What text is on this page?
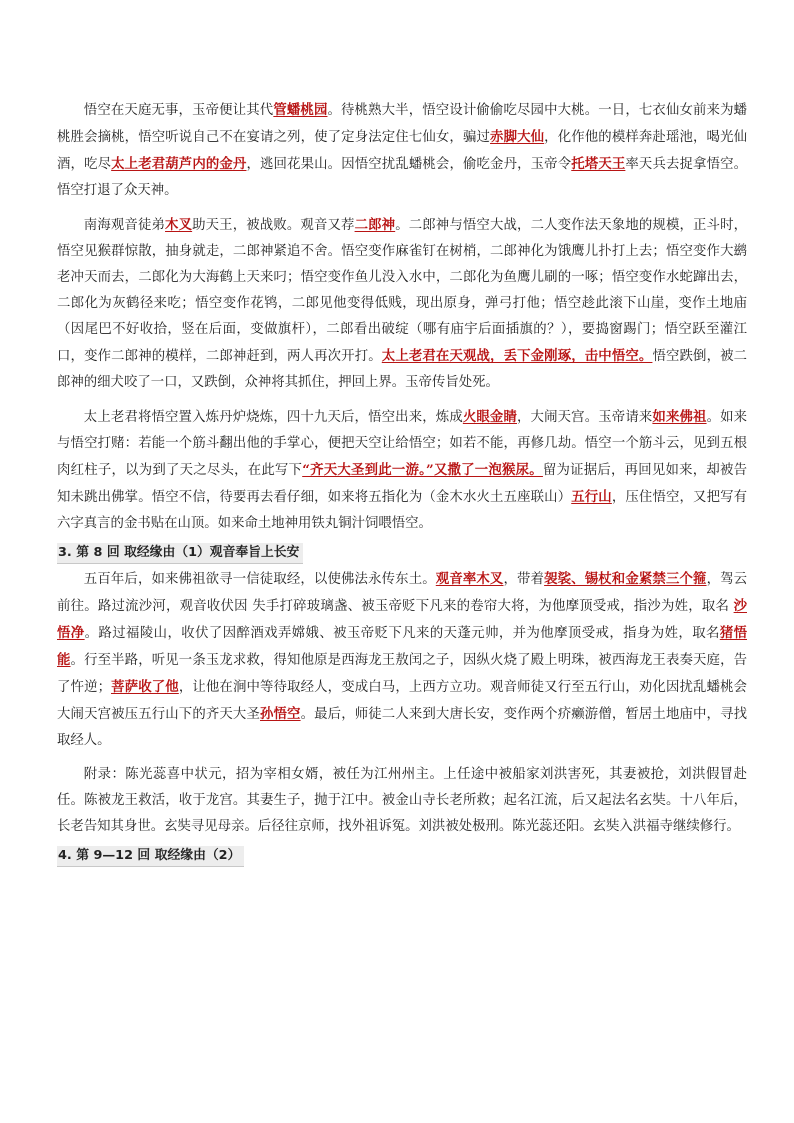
悟空在天庭无事，玉帝便让其代管蟠桃园。待桃熟大半，悟空设计偷偷吃尽园中大桃。一日，七衣仙女前来为蟠桃胜会摘桃，悟空听说自己不在宴请之列，使了定身法定住七仙女，骗过赤脚大仙，化作他的模样奔赴瑶池，喝光仙酒，吃尽太上老君葫芦内的金丹，逃回花果山。因悟空扰乱蟠桃会，偷吃金丹，玉帝令托塔天王率天兵去捉拿悟空。悟空打退了众天神。

南海观音徒弟木叉助天王，被战败。观音又荐二郎神。二郎神与悟空大战，二人变作法天象地的规模，正斗时，悟空见猴群惊散，抽身就走，二郎神紧追不舍。悟空变作麻雀钉在树梢，二郎神化为饿鹰儿扑打上去；悟空变作大鹚老冲天而去，二郎化为大海鹤上天来叼；悟空变作鱼儿没入水中，二郎化为鱼鹰儿刷的一啄；悟空变作水蛇蹿出去，二郎化为灰鹤径来吃；悟空变作花鸨，二郎见他变得低贱，现出原身，弹弓打他；悟空趁此滚下山崖，变作土地庙（因尾巴不好收拾，竖在后面，变做旗杆），二郎看出破绽（哪有庙宇后面插旗的？），要捣窗踢门；悟空跃至灌江口，变作二郎神的模样，二郎神赶到，两人再次开打。太上老君在天观战，丢下金刚琢，击中悟空。悟空跌倒，被二郎神的细犬咬了一口，又跌倒，众神将其抓住，押回上界。玉帝传旨处死。

太上老君将悟空置入炼丹炉烧炼，四十九天后，悟空出来，炼成火眼金睛，大闹天宫。玉帝请来如来佛祖。如来与悟空打赌：若能一个筋斗翻出他的手掌心，便把天空让给悟空；如若不能，再修几劫。悟空一个筋斗云，见到五根肉红柱子，以为到了天之尽头，在此写下“齐天大圣到此一游。”又撒了一泡猴尿。留为证据后，再回见如来，却被告知未跳出佛掌。悟空不信，待要再去看仔细，如来将五指化为（金木水火土五座联山）五行山，压住悟空，又把写有六字真言的金书贴在山顶。如来命土地神用铁丸铜汁饲喂悟空。

3. 第 8 回 取经缘由（1）观音奉旨上长安

五百年后，如来佛祖欲寻一信徒取经，以使佛法永传东土。观音率木叉，带着袈裟、锡杖和金紧禁三个箍，驾云前往。路过流沙河，观音收伏因 失手打碎玻璃盏、被玉帝贬下凡来的卷帘大将，为他摩顶受戒，指沙为姓，取名 沙悟净。路过福陵山，收伏了因醉酒戏弄嫦娥、被玉帝贬下凡来的天蓬元帅，并为他摩顶受戒，指身为姓，取名猪悟能。行至半路，听见一条玉龙求救，得知他原是西海龙王敖闰之子，因纵火烧了殿上明珠，被西海龙王表奏天庭，告了忤逆；菩萨收了他，让他在涧中等待取经人，变成白马，上西方立功。观音师徒又行至五行山，劝化因扰乱蟠桃会大闹天宫被压五行山下的齐天大圣孙悟空。最后，师徒二人来到大唐长安，变作两个疥癞游僧，暂居土地庙中，寻找取经人。

附录：陈光蕊喜中状元，招为宰相女婿，被任为江州州主。上任途中被船家刘洪害死，其妻被抢，刘洪假冒赴任。陈被龙王救活，收于龙宫。其妻生子，抛于江中。被金山寺长老所救；起名江流，后又起法名玄奘。十八年后，长老告知其身世。玄奘寻见母亲。后径往京师，找外祖诉冤。刘洪被处极刑。陈光蕊还阳。玄奘入洪福寺继续修行。

4. 第 9—12 回 取经缘由（2）
